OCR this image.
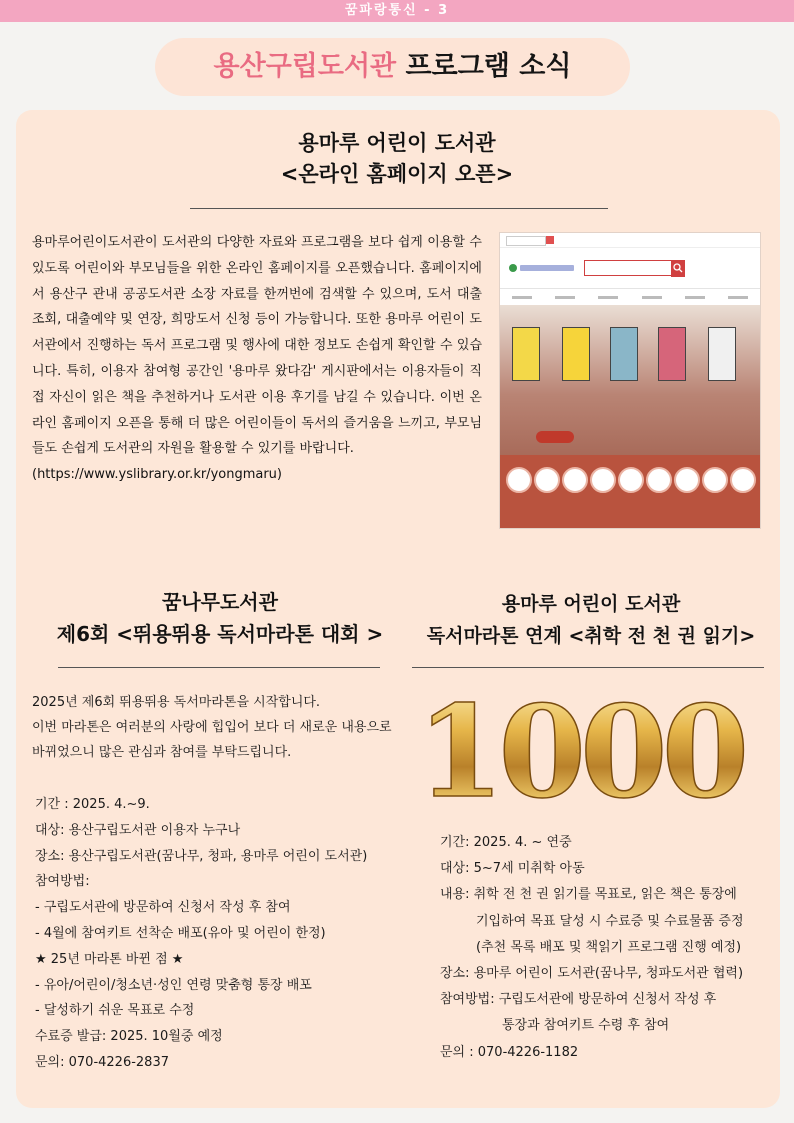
꿈파랑통신 - 3
용산구립도서관 프로그램 소식
용마루 어린이 도서관
<온라인 홈페이지 오픈>
용마루어린이도서관이 도서관의 다양한 자료와 프로그램을 보다 쉽게 이용할 수 있도록 어린이와 부모님들을 위한 온라인 홈페이지를 오픈했습니다. 홈페이지에서 용산구 관내 공공도서관 소장 자료를 한꺼번에 검색할 수 있으며, 도서 대출 조회, 대출예약 및 연장, 희망도서 신청 등이 가능합니다. 또한 용마루 어린이 도서관에서 진행하는 독서 프로그램 및 행사에 대한 정보도 손쉽게 확인할 수 있습니다. 특히, 이용자 참여형 공간인 '용마루 왔다감' 게시판에서는 이용자들이 직접 자신이 읽은 책을 추천하거나 도서관 이용 후기를 남길 수 있습니다. 이번 온라인 홈페이지 오픈을 통해 더 많은 어린이들이 독서의 즐거움을 느끼고, 부모님들도 손쉽게 도서관의 자원을 활용할 수 있기를 바랍니다.
(https://www.yslibrary.or.kr/yongmaru)
꿈나무도서관
제6회 <뛰용뛰용 독서마라톤 대회 >
2025년 제6회 뛰용뛰용 독서마라톤을 시작합니다.
이번 마라톤은 여러분의 사랑에 힙입어 보다 더 새로운 내용으로
바뀌었으니 많은 관심과 참여를 부탁드립니다.
기간 : 2025. 4.~9.
대상: 용산구립도서관 이용자 누구나
장소: 용산구립도서관(꿈나무, 청파, 용마루 어린이 도서관)
참여방법:
- 구립도서관에 방문하여 신청서 작성 후 참여
- 4월에 참여키트 선착순 배포(유아 및 어린이 한정)
★ 25년 마라톤 바뀐 점 ★
- 유아/어린이/청소년·성인 연령 맞춤형 통장 배포
- 달성하기 쉬운 목표로 수정
수료증 발급: 2025. 10월중 예정
문의: 070-4226-2837
용마루 어린이 도서관
독서마라톤 연계 <취학 전 천 권 읽기>
1000
기간: 2025. 4. ~ 연중
대상: 5~7세 미취학 아동
내용: 취학 전 천 권 읽기를 목표로, 읽은 책은 통장에
기입하여 목표 달성 시 수료증 및 수료물품 증정
(추천 목록 배포 및 책읽기 프로그램 진행 예정)
장소: 용마루 어린이 도서관(꿈나무, 청파도서관 협력)
참여방법: 구립도서관에 방문하여 신청서 작성 후
통장과 참여키트 수령 후 참여
문의 : 070-4226-1182
